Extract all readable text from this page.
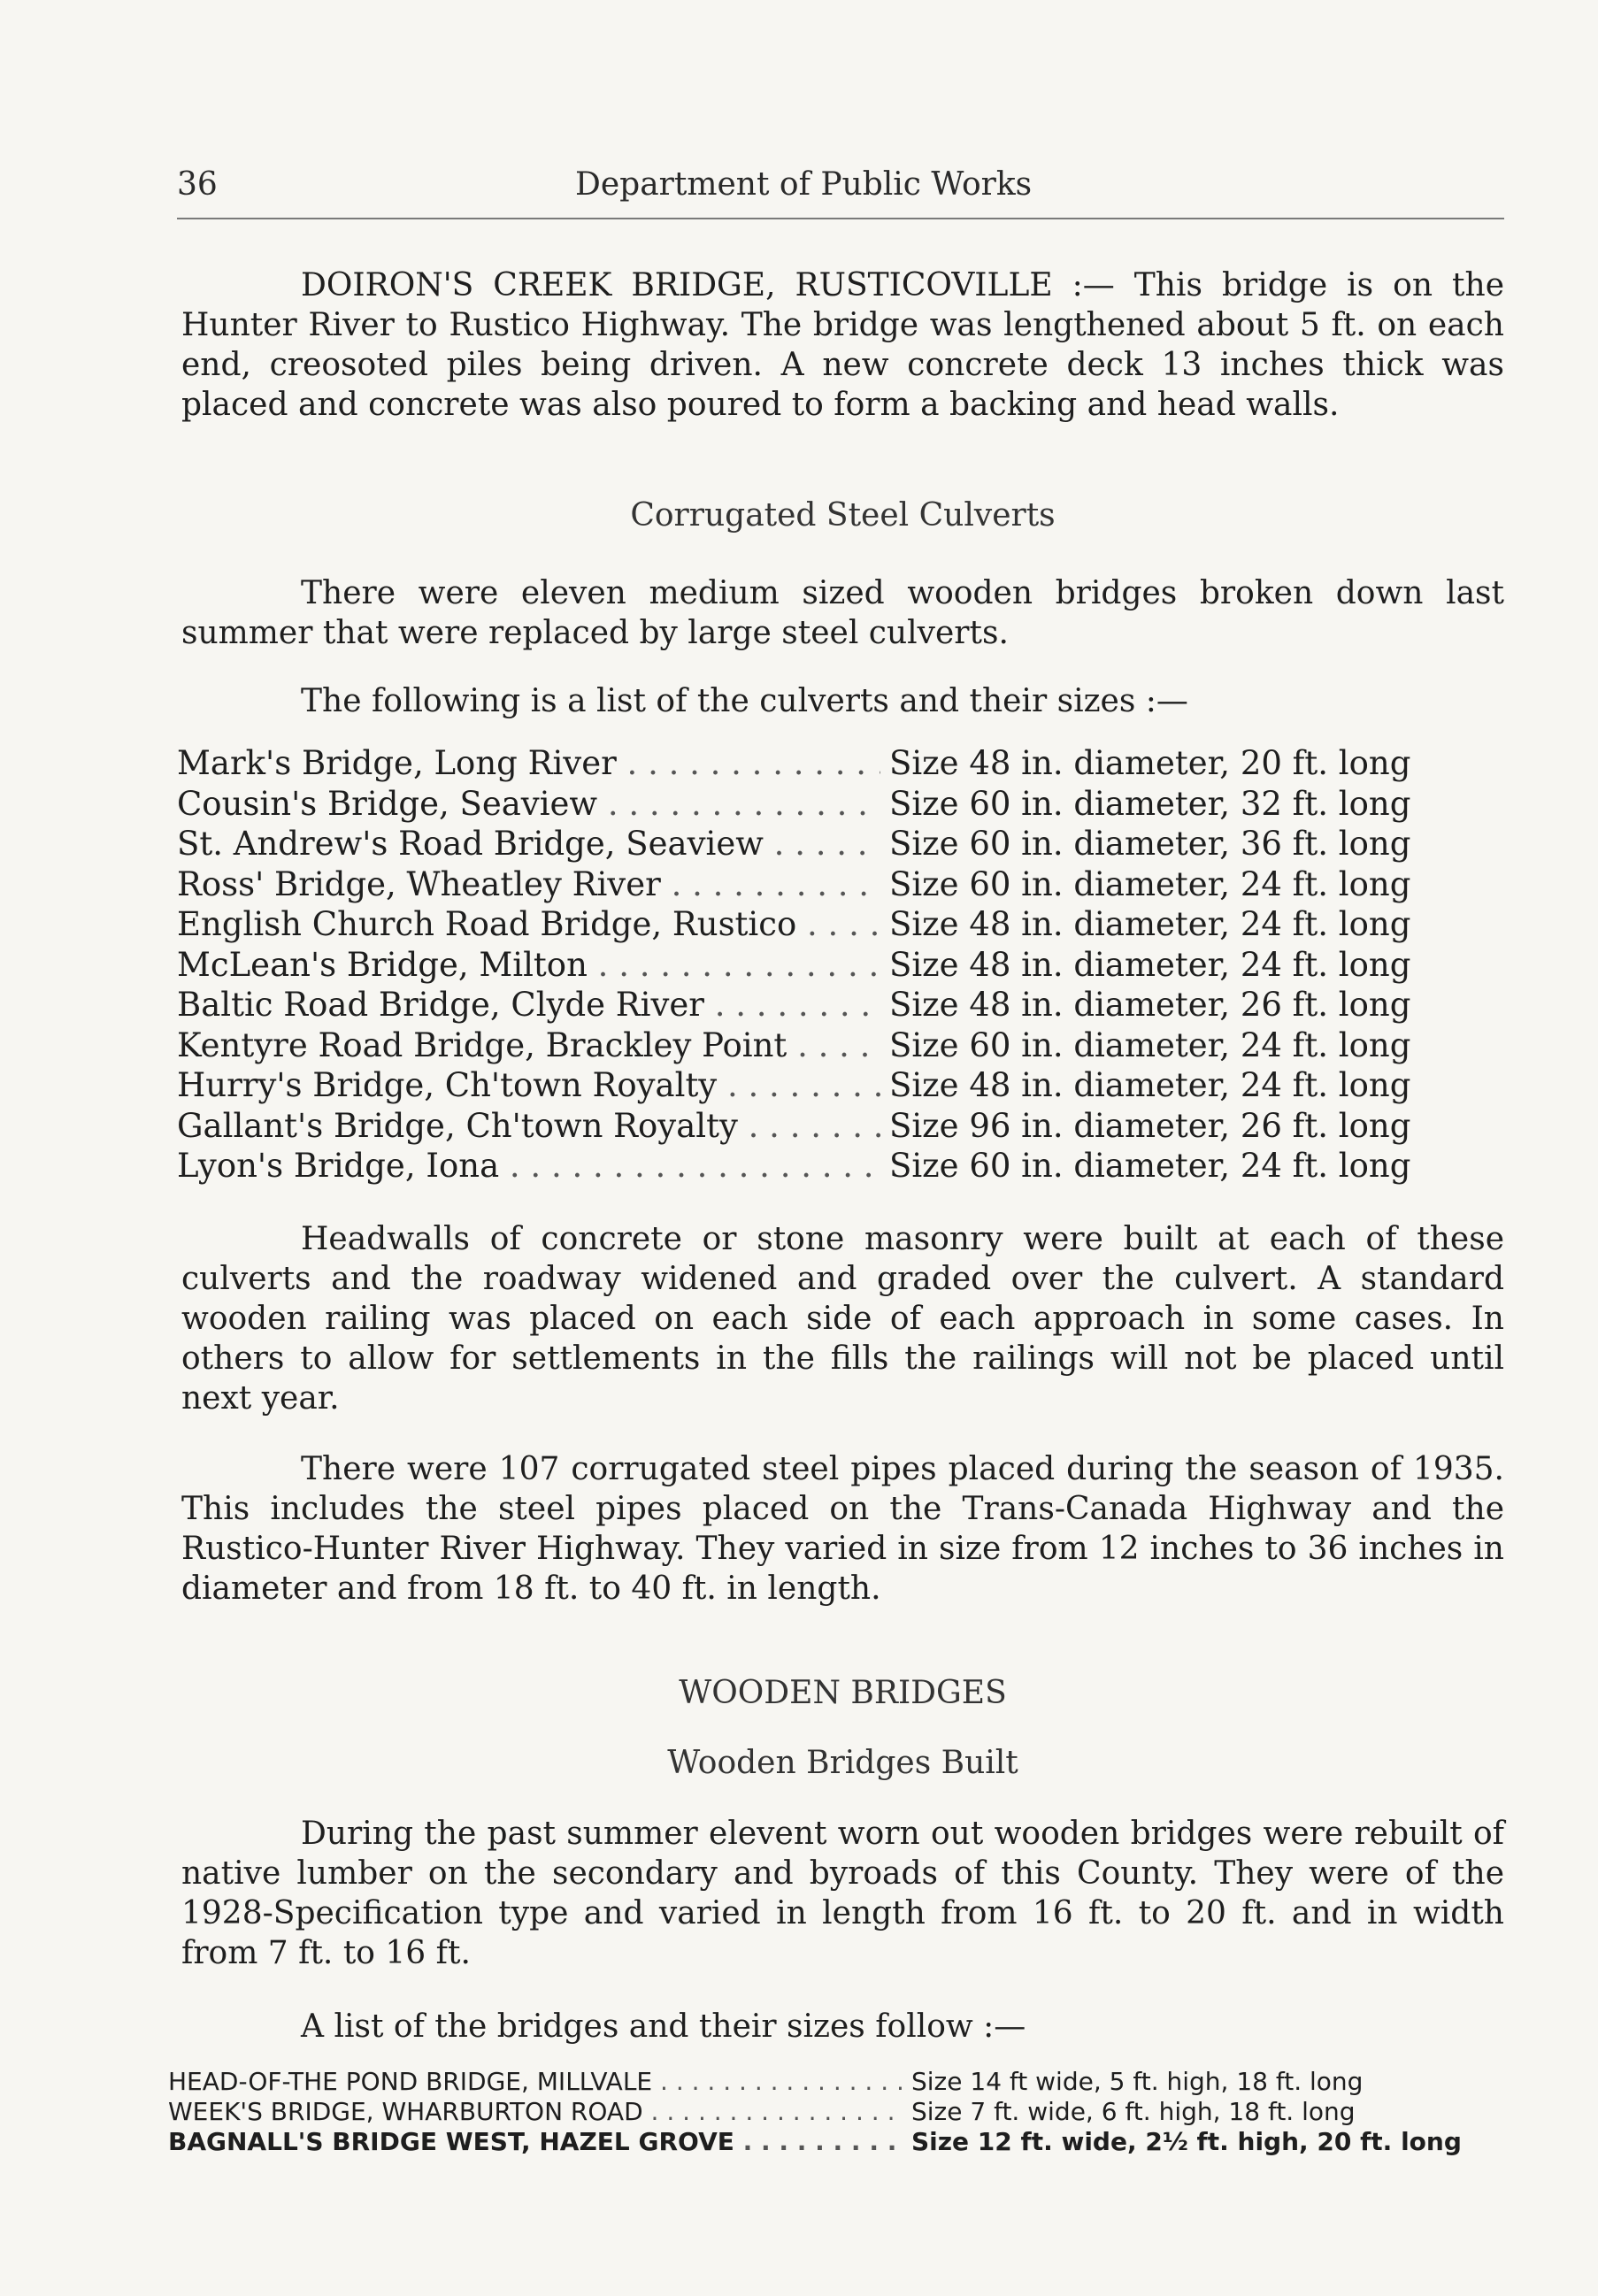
36	Department of Public Works

DOIRON'S CREEK BRIDGE, RUSTICOVILLE :— This bridge is on the Hunter River to Rustico Highway. The bridge was lengthened about 5 ft. on each end, creosoted piles being driven. A new concrete deck 13 inches thick was placed and concrete was also poured to form a backing and head walls.

Corrugated Steel Culverts

There were eleven medium sized wooden bridges broken down last summer that were replaced by large steel culverts.

The following is a list of the culverts and their sizes :—

Mark's Bridge, Long River . . .	Size 48 in. diameter, 20 ft. long
Cousin's Bridge, Seaview . . .	Size 60 in. diameter, 32 ft. long
St. Andrew's Road Bridge, Seaview . . .	Size 60 in. diameter, 36 ft. long
Ross' Bridge, Wheatley River . . .	Size 60 in. diameter, 24 ft. long
English Church Road Bridge, Rustico . . .	Size 48 in. diameter, 24 ft. long
McLean's Bridge, Milton . . .	Size 48 in. diameter, 24 ft. long
Baltic Road Bridge, Clyde River . . .	Size 48 in. diameter, 26 ft. long
Kentyre Road Bridge, Brackley Point . . .	Size 60 in. diameter, 24 ft. long
Hurry's Bridge, Ch'town Royalty . . .	Size 48 in. diameter, 24 ft. long
Gallant's Bridge, Ch'town Royalty . . .	Size 96 in. diameter, 26 ft. long
Lyon's Bridge, Iona . . .	Size 60 in. diameter, 24 ft. long

Headwalls of concrete or stone masonry were built at each of these culverts and the roadway widened and graded over the culvert. A standard wooden railing was placed on each side of each approach in some cases. In others to allow for settlements in the fills the railings will not be placed until next year.

There were 107 corrugated steel pipes placed during the season of 1935. This includes the steel pipes placed on the Trans-Canada Highway and the Rustico-Hunter River Highway. They varied in size from 12 inches to 36 inches in diameter and from 18 ft. to 40 ft. in length.

WOODEN BRIDGES
Wooden Bridges Built

During the past summer elevent worn out wooden bridges were rebuilt of native lumber on the secondary and byroads of this County. They were of the 1928-Specification type and varied in length from 16 ft. to 20 ft. and in width from 7 ft. to 16 ft.

A list of the bridges and their sizes follow :—

HEAD-OF-THE POND BRIDGE, MILLVALE . . .	Size 14 ft wide, 5 ft. high, 18 ft. long
WEEK'S BRIDGE, WHARBURTON ROAD . . .	Size 7 ft. wide, 6 ft. high, 18 ft. long
BAGNALL'S BRIDGE WEST, HAZEL GROVE . . .	Size 12 ft. wide, 2½ ft. high, 20 ft. long
